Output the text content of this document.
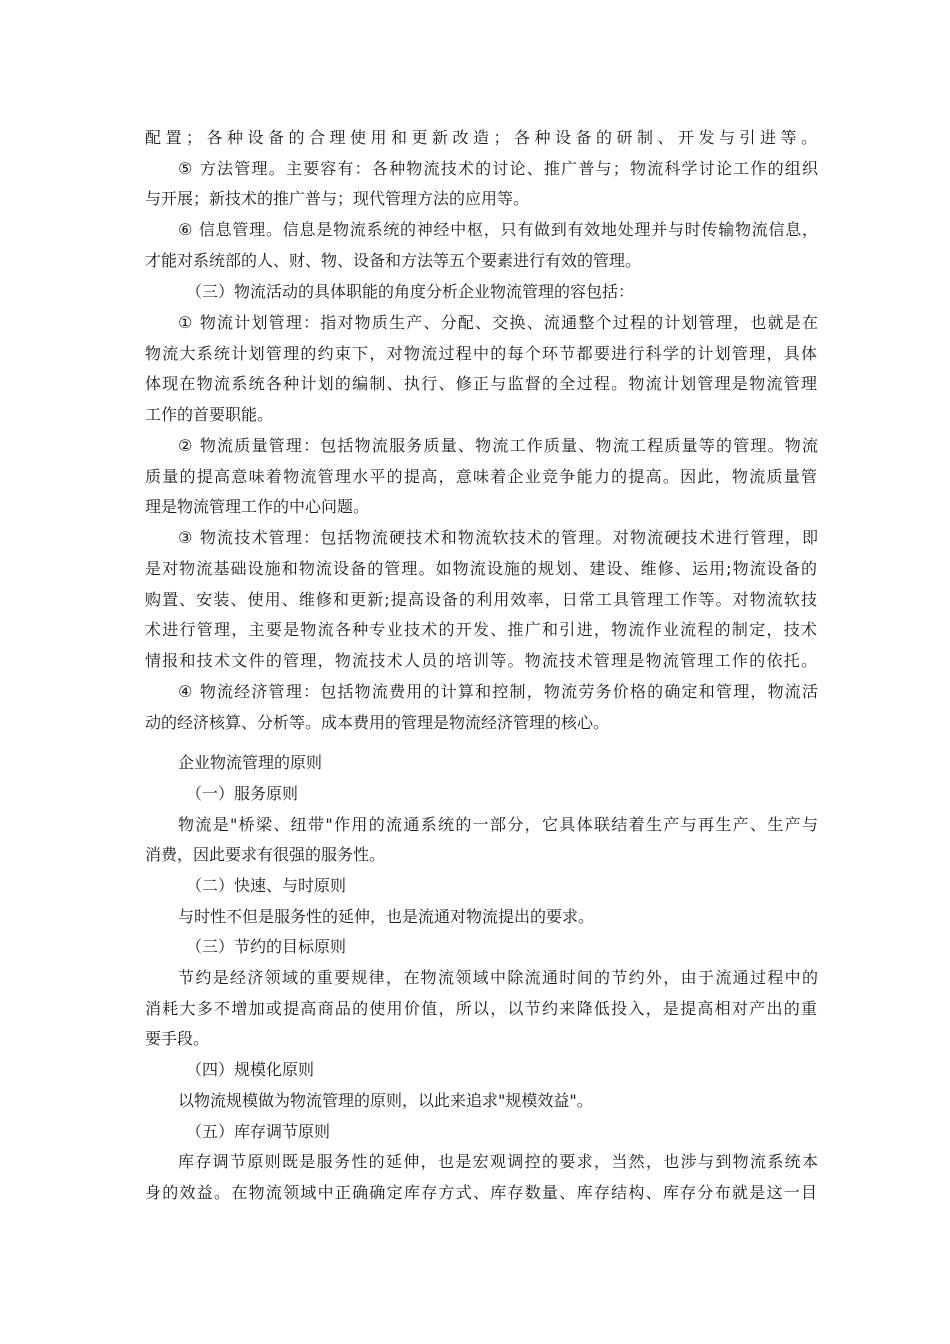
配置；各种设备的合理使用和更新改造；各种设备的研制、开发与引进等。
⑤ 方法管理。主要容有：各种物流技术的讨论、推广普与；物流科学讨论工作的组织
与开展；新技术的推广普与；现代管理方法的应用等。
⑥ 信息管理。信息是物流系统的神经中枢，只有做到有效地处理并与时传输物流信息，
才能对系统部的人、财、物、设备和方法等五个要素进行有效的管理。
（三）物流活动的具体职能的角度分析企业物流管理的容包括：
① 物流计划管理：指对物质生产、分配、交换、流通整个过程的计划管理，也就是在
物流大系统计划管理的约束下，对物流过程中的每个环节都要进行科学的计划管理，具体
体现在物流系统各种计划的编制、执行、修正与监督的全过程。物流计划管理是物流管理
工作的首要职能。
② 物流质量管理：包括物流服务质量、物流工作质量、物流工程质量等的管理。物流
质量的提高意味着物流管理水平的提高，意味着企业竞争能力的提高。因此，物流质量管
理是物流管理工作的中心问题。
③ 物流技术管理：包括物流硬技术和物流软技术的管理。对物流硬技术进行管理，即
是对物流基础设施和物流设备的管理。如物流设施的规划、建设、维修、运用;物流设备的
购置、安装、使用、维修和更新;提高设备的利用效率，日常工具管理工作等。对物流软技
术进行管理，主要是物流各种专业技术的开发、推广和引进，物流作业流程的制定，技术
情报和技术文件的管理，物流技术人员的培训等。物流技术管理是物流管理工作的依托。
④ 物流经济管理：包括物流费用的计算和控制，物流劳务价格的确定和管理，物流活
动的经济核算、分析等。成本费用的管理是物流经济管理的核心。
企业物流管理的原则
（一）服务原则
物流是"桥梁、纽带"作用的流通系统的一部分，它具体联结着生产与再生产、生产与
消费，因此要求有很强的服务性。
（二）快速、与时原则
与时性不但是服务性的延伸，也是流通对物流提出的要求。
（三）节约的目标原则
节约是经济领域的重要规律，在物流领域中除流通时间的节约外，由于流通过程中的
消耗大多不增加或提高商品的使用价值，所以，以节约来降低投入，是提高相对产出的重
要手段。
（四）规模化原则
以物流规模做为物流管理的原则，以此来追求"规模效益"。
（五）库存调节原则
库存调节原则既是服务性的延伸，也是宏观调控的要求，当然，也涉与到物流系统本
身的效益。在物流领域中正确确定库存方式、库存数量、库存结构、库存分布就是这一目
